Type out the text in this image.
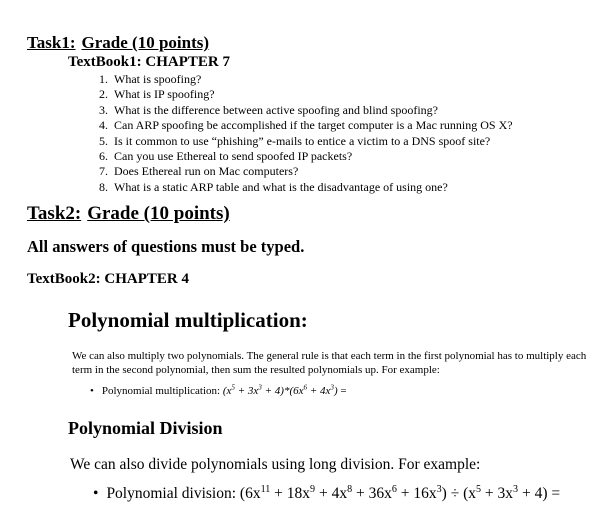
Task1: Grade (10 points)
TextBook1: CHAPTER 7
1. What is spoofing?
2. What is IP spoofing?
3. What is the difference between active spoofing and blind spoofing?
4. Can ARP spoofing be accomplished if the target computer is a Mac running OS X?
5. Is it common to use “phishing” e-mails to entice a victim to a DNS spoof site?
6. Can you use Ethereal to send spoofed IP packets?
7. Does Ethereal run on Mac computers?
8. What is a static ARP table and what is the disadvantage of using one?
Task2: Grade (10 points)
All answers of questions must be typed.
TextBook2: CHAPTER 4
Polynomial multiplication:
We can also multiply two polynomials. The general rule is that each term in the first polynomial has to multiply each term in the second polynomial, then sum the resulted polynomials up. For example:
• Polynomial multiplication: $(x^5 + 3x^3 + 4)*(6x^6 + 4x^3)$ =
Polynomial Division
We can also divide polynomials using long division. For example:
• Polynomial division: $(6x^{11} + 18x^9 + 4x^8 + 36x^6 + 16x^3) \div (x^5 + 3x^3 + 4)$ =
